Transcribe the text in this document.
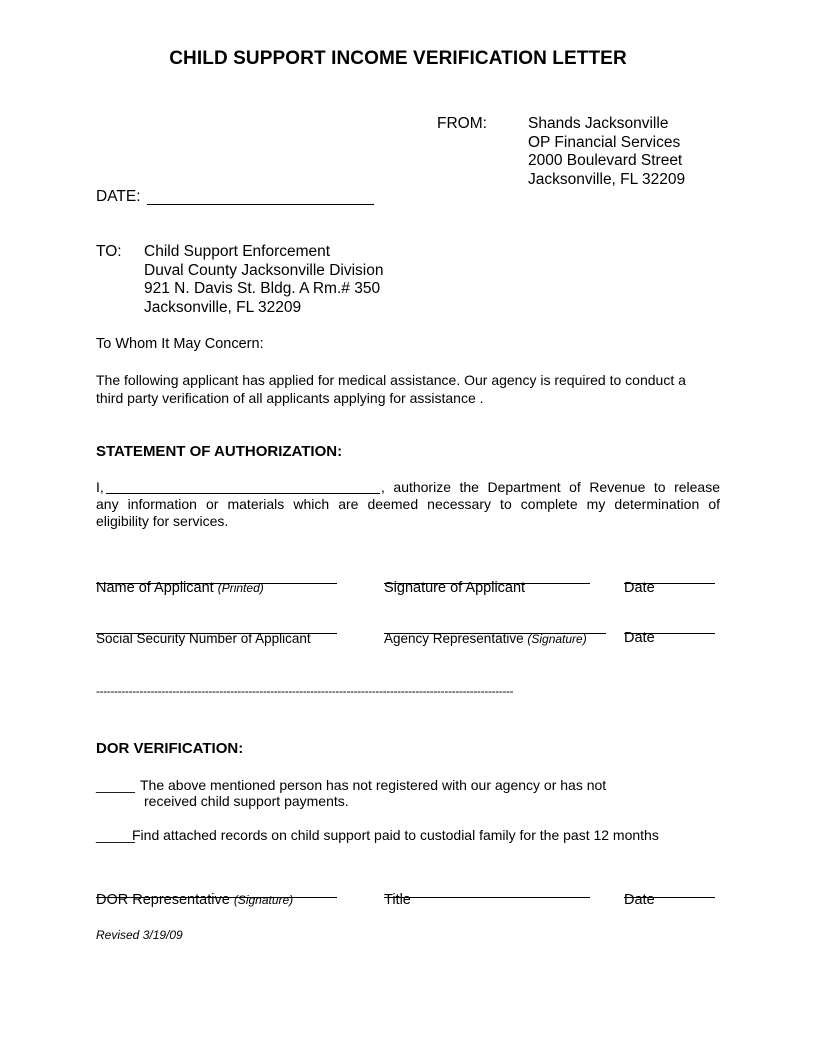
CHILD SUPPORT INCOME VERIFICATION LETTER
FROM:	Shands Jacksonville
OP Financial Services
2000 Boulevard Street
Jacksonville, FL 32209
DATE:
TO: Child Support Enforcement
Duval County Jacksonville Division
921 N. Davis St. Bldg. A Rm.# 350
Jacksonville, FL 32209
To Whom It May Concern:
The following applicant has applied for medical assistance. Our agency is required to conduct a
third party verification of all applicants applying for assistance .
STATEMENT OF AUTHORIZATION:
I,	, authorize the Department of Revenue to release
any information or materials which are deemed necessary to complete my determination of
eligibility for services.
Name of Applicant (Printed)	Signature of Applicant	Date
Social Security Number of Applicant	Agency Representative (Signature)	Date
-------------------------------------------------------------------------------------------------------------------
DOR VERIFICATION:
_____ The above mentioned person has not registered with our agency or has not
received child support payments.
_____
Find attached records on child support paid to custodial family for the past 12 months
DOR Representative (Signature)	Title	Date
Revised 3/19/09
